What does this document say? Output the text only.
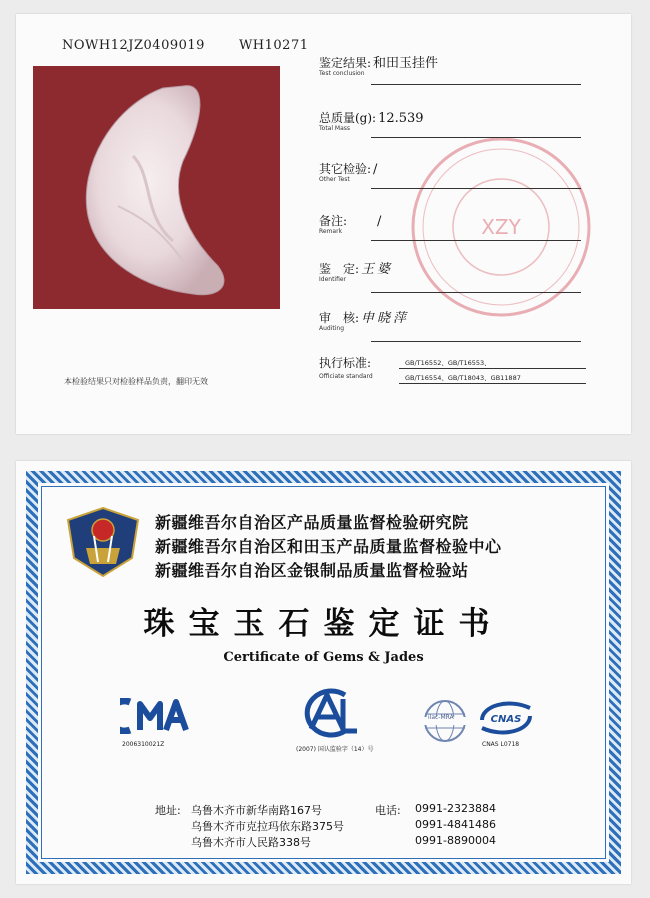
NOWH12JZ0409019	WH10271
XZY
鉴定结果: 和田玉挂件
Test conclusion
总质量(g): 12.539
Total Mass
其它检验: /
Other Test
备注: /
Remark
鉴　定: 王婆
Identifier
审　核: 申晓萍
Auditing
执行标准:	GB/T16552、GB/T16553、
GB/T16554、GB/T18043、GB11887
Officiate standard
本检验结果只对检验样品负责，翻印无效
新疆维吾尔自治区产品质量监督检验研究院
新疆维吾尔自治区和田玉产品质量监督检验中心
新疆维吾尔自治区金银制品质量监督检验站
珠宝玉石鉴定证书
Certificate of Gems & Jades
2006310021Z
(2007) 国认监验字（14）号
ilac-MRA	CNAS
CNAS L0718
地址: 乌鲁木齐市新华南路167号
乌鲁木齐市克拉玛依东路375号
乌鲁木齐市人民路338号
电话: 0991-2323884
0991-4841486
0991-8890004
